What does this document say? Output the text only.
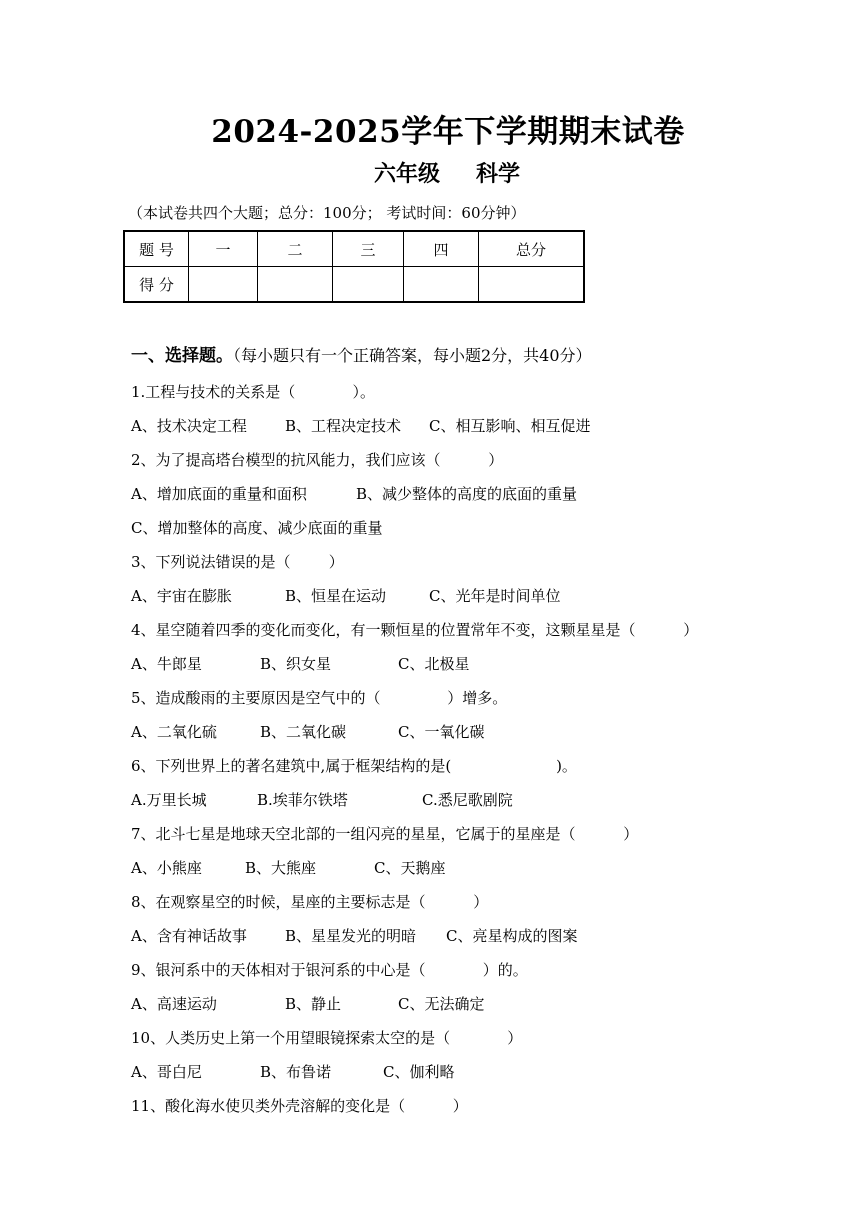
2024-2025学年下学期期末试卷
六年级 科学
（本试卷共四个大题；总分：100分； 考试时间：60分钟）
题 号	一	二	三	四	总分
得 分					
一、选择题。（每小题只有一个正确答案，每小题2分，共40分）
1.工程与技术的关系是（            ）。
A、技术决定工程	B、工程决定技术 C、相互影响、相互促进
2、为了提高塔台模型的抗风能力，我们应该（          ）
A、增加底面的重量和面积	B、减少整体的高度的底面的重量
C、增加整体的高度、减少底面的重量
3、下列说法错误的是（        ）
A、宇宙在膨胀	B、恒星在运动	C、光年是时间单位
4、星空随着四季的变化而变化，有一颗恒星的位置常年不变，这颗星星是（          ）
A、牛郎星	B、织女星	C、北极星
5、造成酸雨的主要原因是空气中的（              ）增多。
A、二氧化硫	B、二氧化碳	C、一氧化碳
6、下列世界上的著名建筑中,属于框架结构的是(                      )。
A.万里长城	B.埃菲尔铁塔	C.悉尼歌剧院
7、北斗七星是地球天空北部的一组闪亮的星星，它属于的星座是（          ）
A、小熊座	B、大熊座	C、天鹅座
8、在观察星空的时候，星座的主要标志是（          ）
A、含有神话故事	B、星星发光的明暗 C、亮星构成的图案
9、银河系中的天体相对于银河系的中心是（            ）的。
A、高速运动	B、静止	C、无法确定
10、人类历史上第一个用望眼镜探索太空的是（            ）
A、哥白尼	B、布鲁诺	C、伽利略
11、酸化海水使贝类外壳溶解的变化是（          ）
